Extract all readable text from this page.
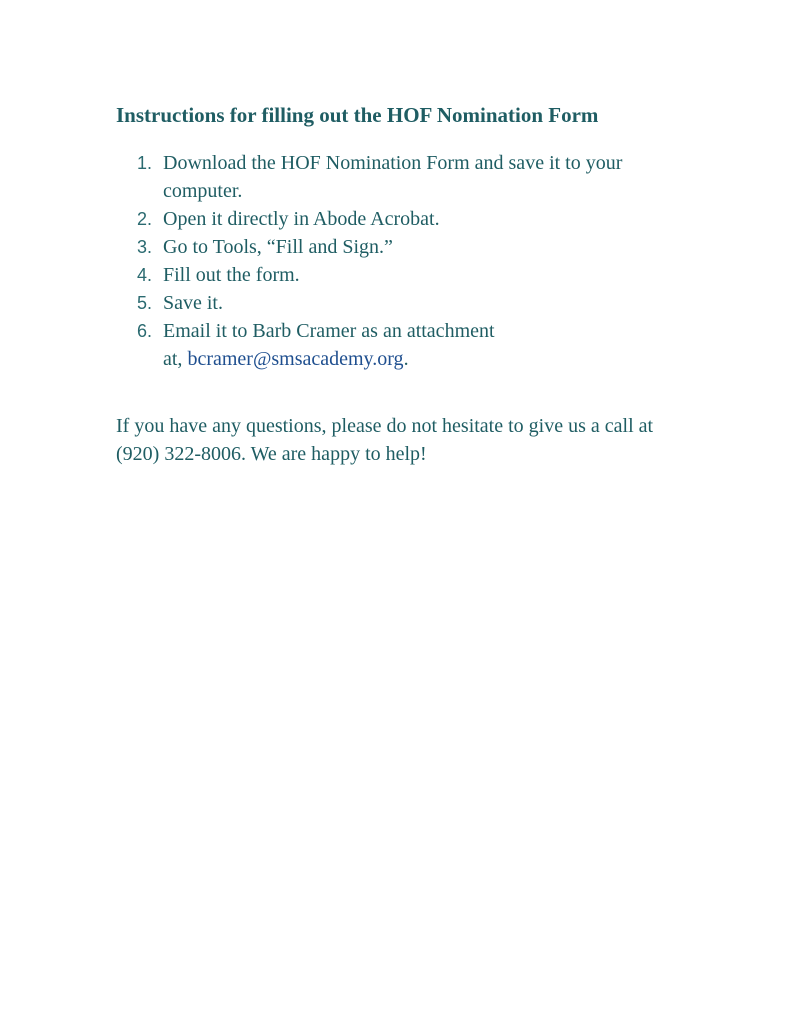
Instructions for filling out the HOF Nomination Form
1. Download the HOF Nomination Form and save it to your computer.
2. Open it directly in Abode Acrobat.
3. Go to Tools, “Fill and Sign.”
4. Fill out the form.
5. Save it.
6. Email it to Barb Cramer as an attachment
at, bcramer@smsacademy.org.

If you have any questions, please do not hesitate to give us a call at (920) 322-8006. We are happy to help!
